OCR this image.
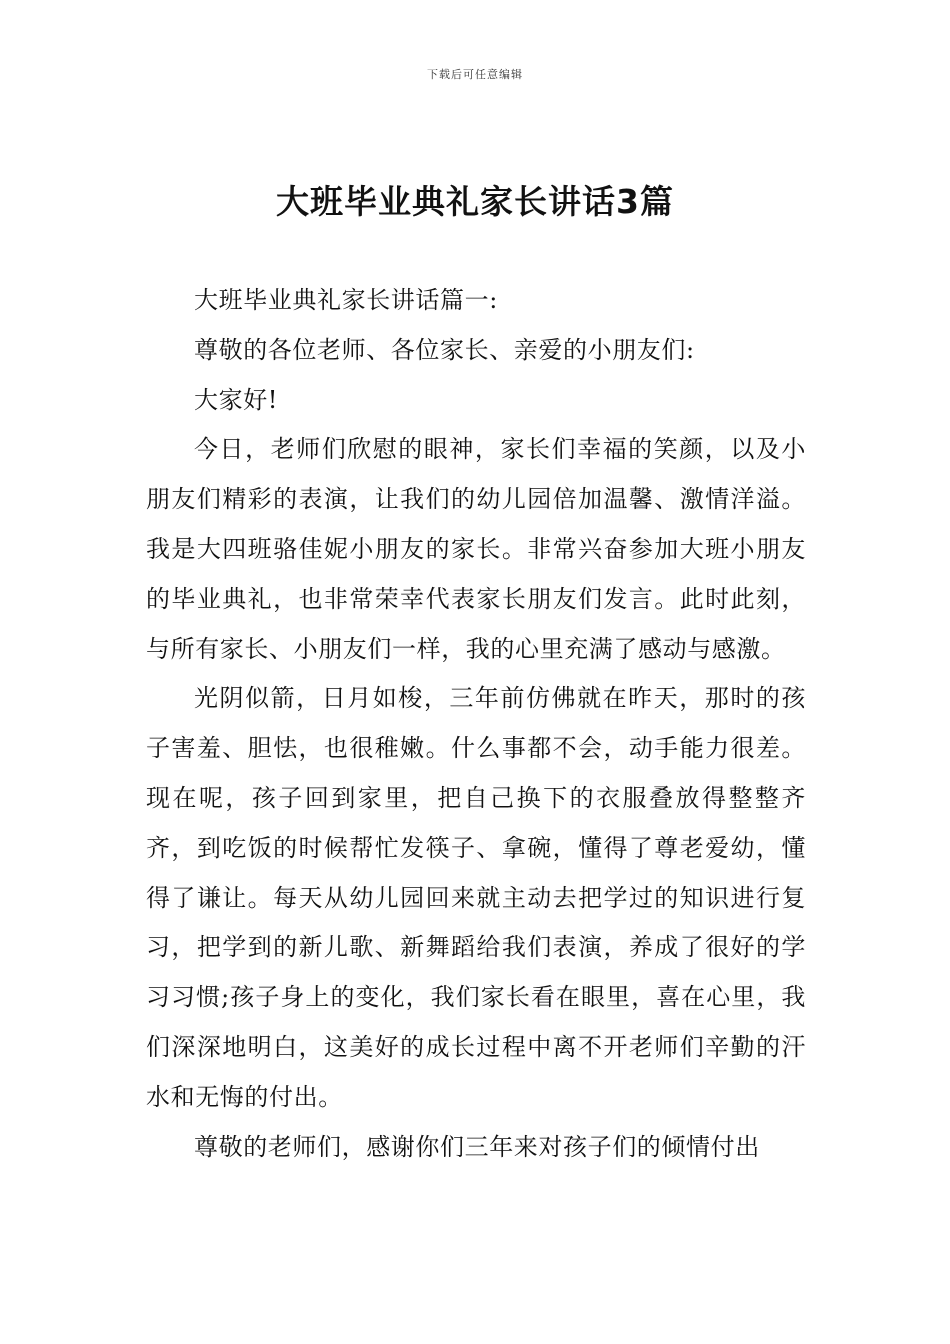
下载后可任意编辑
大班毕业典礼家长讲话3篇

大班毕业典礼家长讲话篇一:

尊敬的各位老师、各位家长、亲爱的小朋友们:

大家好!

今日，老师们欣慰的眼神，家长们幸福的笑颜，以及小朋友们精彩的表演，让我们的幼儿园倍加温馨、激情洋溢。我是大四班骆佳妮小朋友的家长。非常兴奋参加大班小朋友的毕业典礼，也非常荣幸代表家长朋友们发言。此时此刻，与所有家长、小朋友们一样，我的心里充满了感动与感激。

光阴似箭，日月如梭，三年前仿佛就在昨天，那时的孩子害羞、胆怯，也很稚嫩。什么事都不会，动手能力很差。现在呢，孩子回到家里，把自己换下的衣服叠放得整整齐齐，到吃饭的时候帮忙发筷子、拿碗，懂得了尊老爱幼，懂得了谦让。每天从幼儿园回来就主动去把学过的知识进行复习，把学到的新儿歌、新舞蹈给我们表演，养成了很好的学习习惯;孩子身上的变化，我们家长看在眼里，喜在心里，我们深深地明白，这美好的成长过程中离不开老师们辛勤的汗水和无悔的付出。

尊敬的老师们，感谢你们三年来对孩子们的倾情付出
